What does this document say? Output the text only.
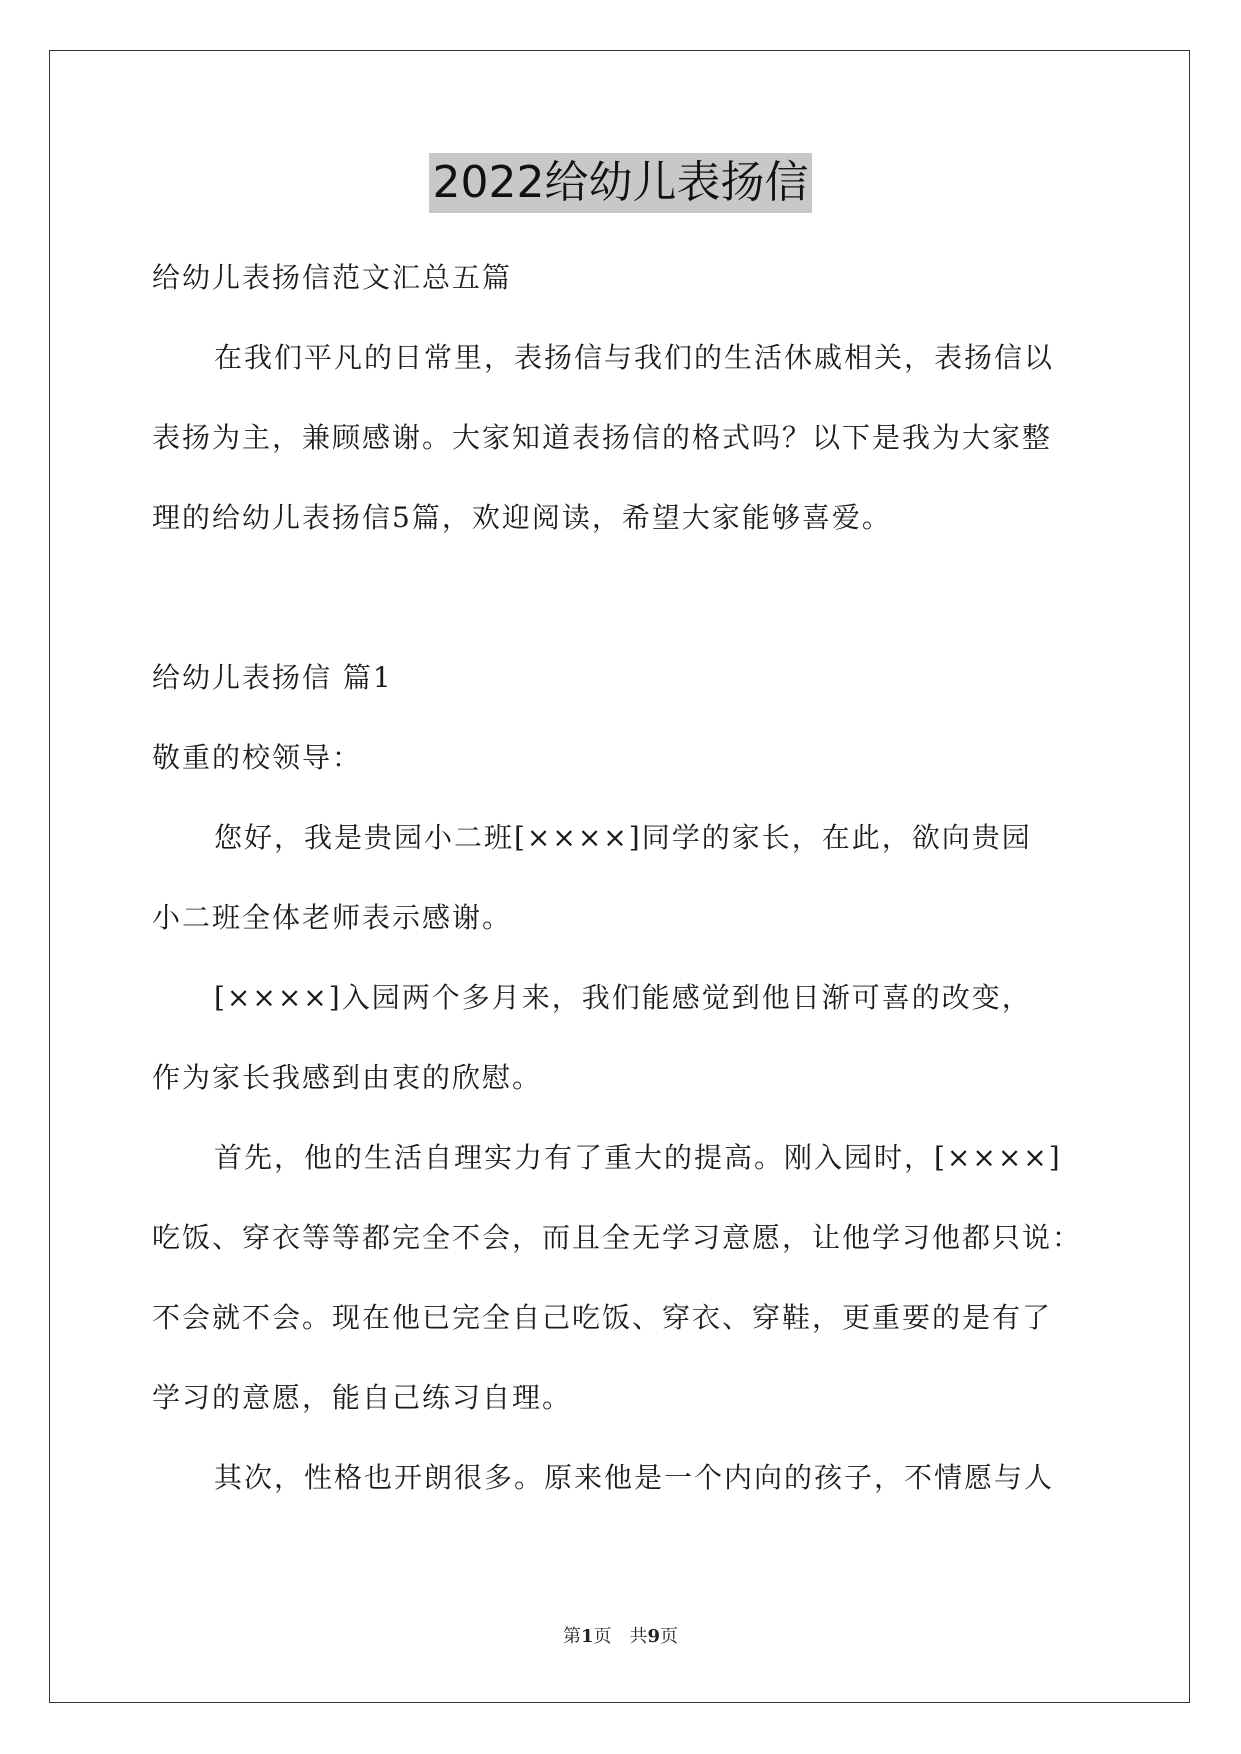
2022给幼儿表扬信
给幼儿表扬信范文汇总五篇
在我们平凡的日常里，表扬信与我们的生活休戚相关，表扬信以
表扬为主，兼顾感谢。大家知道表扬信的格式吗？以下是我为大家整
理的给幼儿表扬信5篇，欢迎阅读，希望大家能够喜爱。
给幼儿表扬信 篇1
敬重的校领导：
您好，我是贵园小二班[××××]同学的家长，在此，欲向贵园
小二班全体老师表示感谢。
[××××]入园两个多月来，我们能感觉到他日渐可喜的改变，
作为家长我感到由衷的欣慰。
首先，他的生活自理实力有了重大的提高。刚入园时，[××××]
吃饭、穿衣等等都完全不会，而且全无学习意愿，让他学习他都只说：
不会就不会。现在他已完全自己吃饭、穿衣、穿鞋，更重要的是有了
学习的意愿，能自己练习自理。
其次，性格也开朗很多。原来他是一个内向的孩子，不情愿与人
第1页　共9页
